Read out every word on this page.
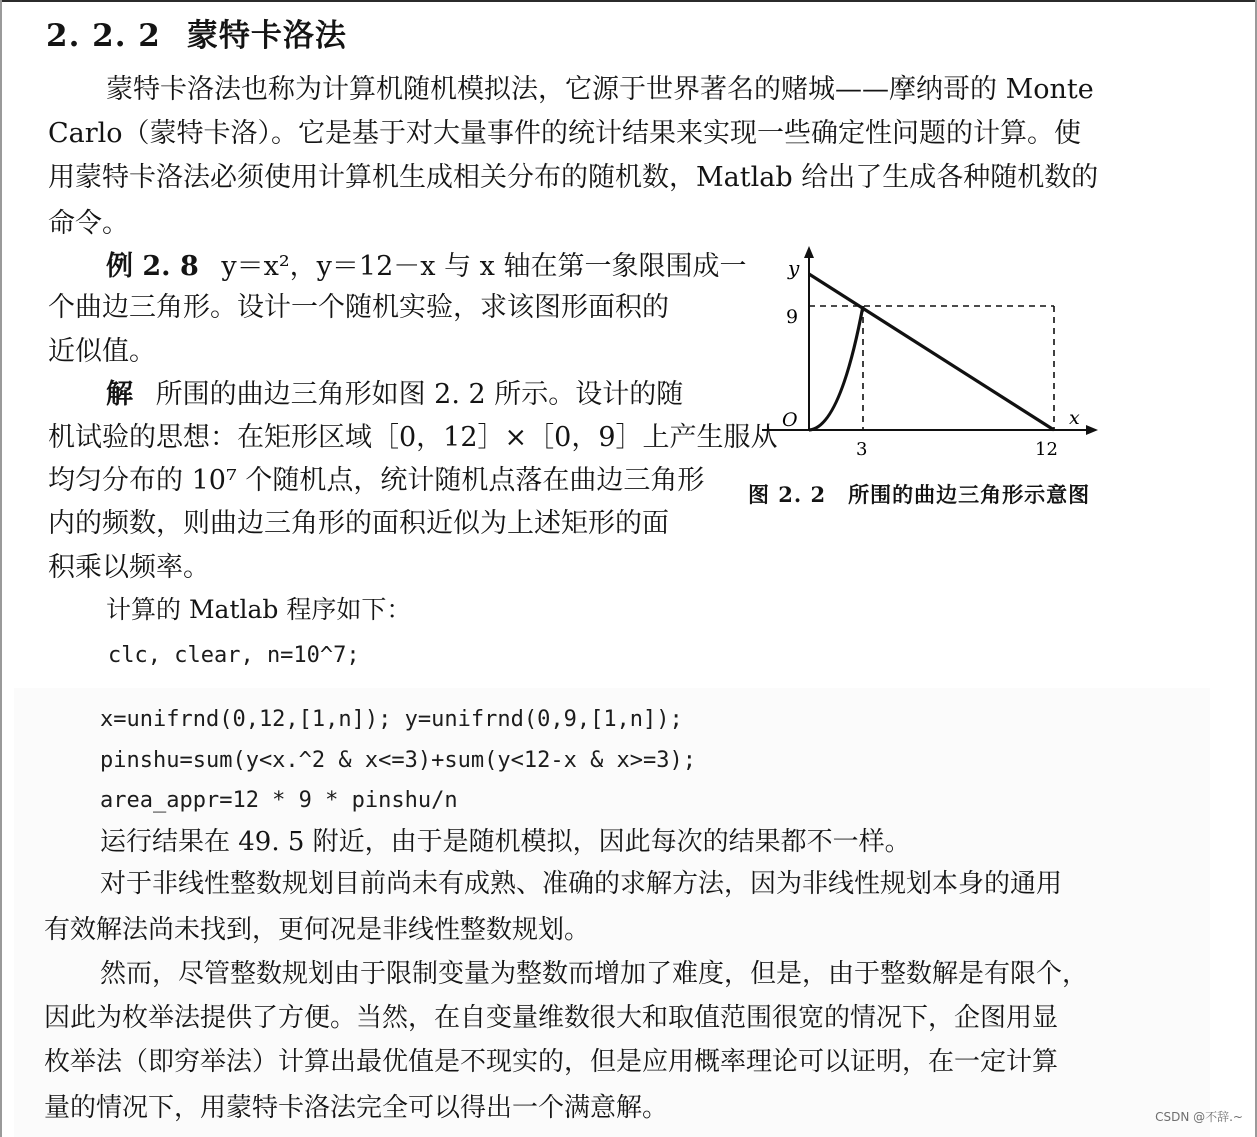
2. 2. 2 蒙特卡洛法
蒙特卡洛法也称为计算机随机模拟法，它源于世界著名的赌城——摩纳哥的 Monte
Carlo（蒙特卡洛）。它是基于对大量事件的统计结果来实现一些确定性问题的计算。使
用蒙特卡洛法必须使用计算机生成相关分布的随机数，Matlab 给出了生成各种随机数的
命令。
例 2. 8 y＝x²，y＝12－x 与 x 轴在第一象限围成一
个曲边三角形。设计一个随机实验，求该图形面积的
近似值。
解 所围的曲边三角形如图 2. 2 所示。设计的随
机试验的思想：在矩形区域［0，12］×［0，9］上产生服从
均匀分布的 10⁷ 个随机点，统计随机点落在曲边三角形
内的频数，则曲边三角形的面积近似为上述矩形的面
积乘以频率。
y
9
O	x
3	12
图 2. 2　所围的曲边三角形示意图
计算的 Matlab 程序如下：
clc, clear, n=10^7;
x=unifrnd(0,12,[1,n]); y=unifrnd(0,9,[1,n]);
pinshu=sum(y<x.^2 & x<=3)+sum(y<12-x & x>=3);
area_appr=12 * 9 * pinshu/n
运行结果在 49. 5 附近，由于是随机模拟，因此每次的结果都不一样。
对于非线性整数规划目前尚未有成熟、准确的求解方法，因为非线性规划本身的通用
有效解法尚未找到，更何况是非线性整数规划。
然而，尽管整数规划由于限制变量为整数而增加了难度，但是，由于整数解是有限个，
因此为枚举法提供了方便。当然，在自变量维数很大和取值范围很宽的情况下，企图用显
枚举法（即穷举法）计算出最优值是不现实的，但是应用概率理论可以证明，在一定计算
量的情况下，用蒙特卡洛法完全可以得出一个满意解。	CSDN @不辞.~
